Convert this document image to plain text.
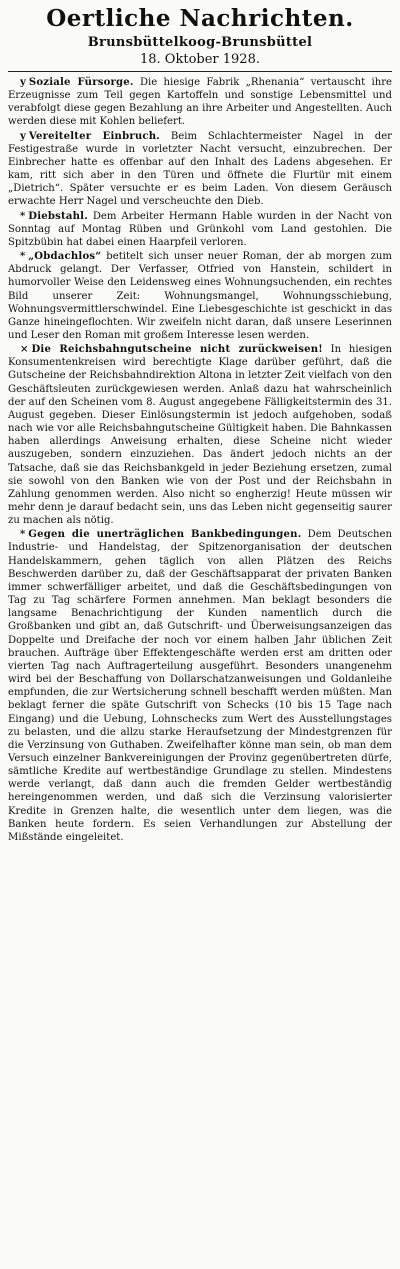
Oertliche Nachrichten.
Brunsbüttelkoog-Brunsbüttel
18. Oktober 1928.

y Soziale Fürsorge. Die hiesige Fabrik „Rhenania“ vertauscht ihre Erzeugnisse zum Teil gegen Kartoffeln und sonstige Lebensmittel und verabfolgt diese gegen Bezahlung an ihre Arbeiter und Angestellten. Auch werden diese mit Kohlen beliefert.

y Vereitelter Einbruch. Beim Schlachtermeister Nagel in der Festigestraße wurde in vorletzter Nacht versucht, einzubrechen. Der Einbrecher hatte es offenbar auf den Inhalt des Ladens abgesehen. Er kam, ritt sich aber in den Türen und öffnete die Flurtür mit einem „Dietrich“. Später versuchte er es beim Laden. Von diesem Geräusch erwachte Herr Nagel und verscheuchte den Dieb.

* Diebstahl. Dem Arbeiter Hermann Hable wurden in der Nacht von Sonntag auf Montag Rüben und Grünkohl vom Land gestohlen. Die Spitzbübin hat dabei einen Haarpfeil verloren.

* „Obdachlos“ betitelt sich unser neuer Roman, der ab morgen zum Abdruck gelangt. Der Verfasser, Otfried von Hanstein, schildert in humorvoller Weise den Leidensweg eines Wohnungsuchenden, ein rechtes Bild unserer Zeit: Wohnungsmangel, Wohnungsschiebung, Wohnungsvermittlerschwindel. Eine Liebesgeschichte ist geschickt in das Ganze hineingeflochten. Wir zweifeln nicht daran, daß unsere Leserinnen und Leser den Roman mit großem Interesse lesen werden.

× Die Reichsbahngutscheine nicht zurückweisen! In hiesigen Konsumentenkreisen wird berechtigte Klage darüber geführt, daß die Gutscheine der Reichsbahndirektion Altona in letzter Zeit vielfach von den Geschäftsleuten zurückgewiesen werden. Anlaß dazu hat wahrscheinlich der auf den Scheinen vom 8. August angegebene Fälligkeitstermin des 31. August gegeben. Dieser Einlösungstermin ist jedoch aufgehoben, sodaß nach wie vor alle Reichsbahngutscheine Gültigkeit haben. Die Bahnkassen haben allerdings Anweisung erhalten, diese Scheine nicht wieder auszugeben, sondern einzuziehen. Das ändert jedoch nichts an der Tatsache, daß sie das Reichsbankgeld in jeder Beziehung ersetzen, zumal sie sowohl von den Banken wie von der Post und der Reichsbahn in Zahlung genommen werden. Also nicht so engherzig! Heute müssen wir mehr denn je darauf bedacht sein, uns das Leben nicht gegenseitig saurer zu machen als nötig.

* Gegen die unerträglichen Bankbedingungen. Dem Deutschen Industrie- und Handelstag, der Spitzenorganisation der deutschen Handelskammern, gehen täglich von allen Plätzen des Reichs Beschwerden darüber zu, daß der Geschäftsapparat der privaten Banken immer schwerfälliger arbeitet, und daß die Geschäftsbedingungen von Tag zu Tag schärfere Formen annehmen. Man beklagt besonders die langsame Benachrichtigung der Kunden namentlich durch die Großbanken und gibt an, daß Gutschrift- und Überweisungsanzeigen das Doppelte und Dreifache der noch vor einem halben Jahr üblichen Zeit brauchen. Aufträge über Effektengeschäfte werden erst am dritten oder vierten Tag nach Auftragerteilung ausgeführt. Besonders unangenehm wird bei der Beschaffung von Dollarschatzanweisungen und Goldanleihe empfunden, die zur Wertsicherung schnell beschafft werden müßten. Man beklagt ferner die späte Gutschrift von Schecks (10 bis 15 Tage nach Eingang) und die Uebung, Lohnschecks zum Wert des Ausstellungstages zu belasten, und die allzu starke Heraufsetzung der Mindestgrenzen für die Verzinsung von Guthaben. Zweifelhafter könne man sein, ob man dem Versuch einzelner Bankvereinigungen der Provinz gegenübertreten dürfe, sämtliche Kredite auf wertbeständige Grundlage zu stellen. Mindestens werde verlangt, daß dann auch die fremden Gelder wertbeständig hereingenommen werden, und daß sich die Verzinsung valorisierter Kredite in Grenzen halte, die wesentlich unter dem liegen, was die Banken heute fordern. Es seien Verhandlungen zur Abstellung der Mißstände eingeleitet.
